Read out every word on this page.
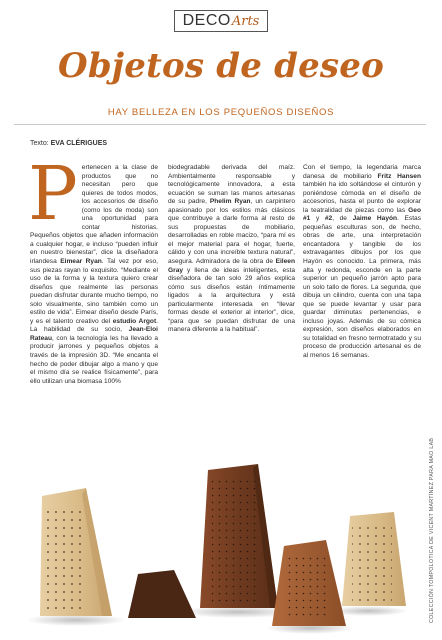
DECO Arts
Objetos de deseo
HAY BELLEZA EN LOS PEQUEÑOS DISEÑOS
Texto: EVA CLÉRIGUES

Pertenecen a la clase de productos que no necesitan pero que quieres de todos modos, los accesorios de diseño (como los de moda) son una oportunidad para contar historias. Pequeños objetos que añaden información a cualquier hogar, e incluso “pueden influir en nuestro bienestar”, dice la diseñadora irlandesa Eimear Ryan. Tal vez por eso, sus piezas rayan lo exquisito. “Mediante el uso de la forma y la textura quiero crear diseños que realmente las personas puedan disfrutar durante mucho tiempo, no solo visualmente, sino también como un estilo de vida”. Eimear diseño desde París, y es el talento creativo del estudio Argot. La habilidad de su socio, Jean-Eloi Rateau, con la tecnología les ha llevado a producir jarrones y pequeños objetos a través de la impresión 3D. “Me encanta el hecho de poder dibujar algo a mano y que el mismo día se realice físicamente”, para ello utilizan una biomasa 100%

biodegradable derivada del maíz. Ambientalmente responsable y tecnológicamente innovadora, a esta ecuación se suman las manos artesanas de su padre, Phelim Ryan, un carpintero apasionado por los estilos más clásicos que contribuye a darle forma al resto de sus propuestas de mobiliario, desarrolladas en roble macizo, “para mí es el mejor material para el hogar, fuerte, cálido y con una increíble textura natural”, asegura. Admiradora de la obra de Eileen Gray y llena de ideas inteligentes, esta diseñadora de tan solo 29 años explica cómo sus diseños están íntimamente ligados a la arquitectura y está particularmente interesada en “llevar formas desde el exterior al interior”, dice, “para que se puedan disfrutar de una manera diferente a la habitual”.

Con el tiempo, la legendaria marca danesa de mobiliario Fritz Hansen también ha ido soltándose el cinturón y poniéndose cómoda en el diseño de accesorios, hasta el punto de explorar la teatralidad de piezas como las Geo #1 y #2, de Jaime Hayón. Estas pequeñas esculturas son, de hecho, obras de arte, una interpretación encantadora y tangible de los extravagantes dibujos por los que Hayón es conocido. La primera, más alta y redonda, esconde en la parte superior un pequeño jarrón apto para un solo tallo de flores. La segunda, que dibuja un cilindro, cuenta con una tapa que se puede levantar y usar para guardar diminutas pertenencias, e incluso joyas. Además de su cómica expresión, son diseños elaborados en su totalidad en fresno termotratado y su proceso de producción artesanal es de al menos 16 semanas.

COLECCIÓN TOMPOLOTICA DE VICENT MARTÍNEZ PARA MAO LAB
